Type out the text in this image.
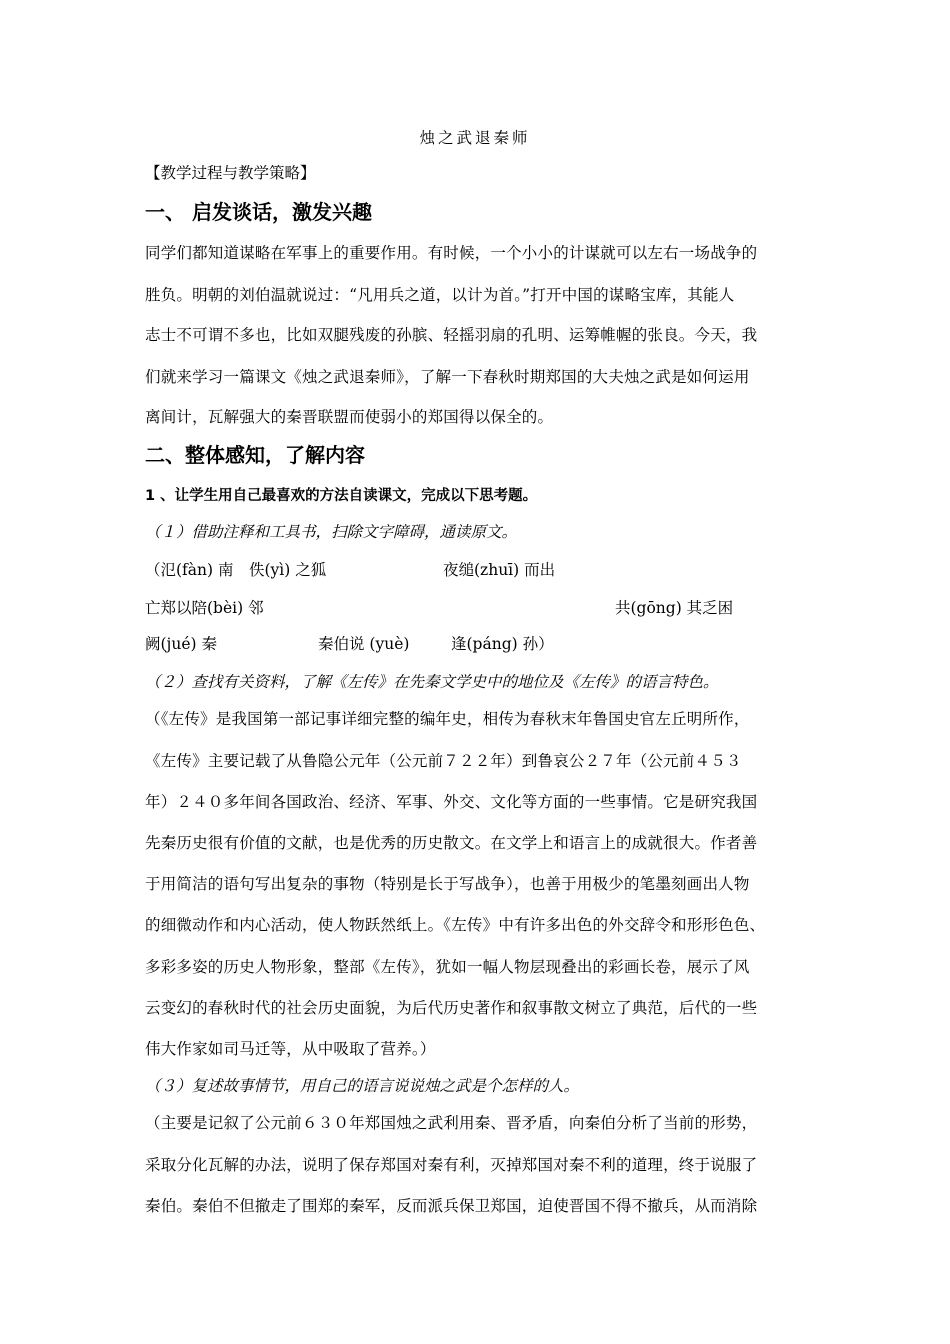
烛之武退秦师
【教学过程与教学策略】
一、 启发谈话，激发兴趣
同学们都知道谋略在军事上的重要作用。有时候，一个小小的计谋就可以左右一场战争的
胜负。明朝的刘伯温就说过：“凡用兵之道，以计为首。”打开中国的谋略宝库，其能人
志士不可谓不多也，比如双腿残废的孙膑、轻摇羽扇的孔明、运筹帷幄的张良。今天，我
们就来学习一篇课文《烛之武退秦师》，了解一下春秋时期郑国的大夫烛之武是如何运用
离间计，瓦解强大的秦晋联盟而使弱小的郑国得以保全的。
二、整体感知，了解内容
1 、让学生用自己最喜欢的方法自读课文，完成以下思考题。
（１）借助注释和工具书，扫除文字障碍，通读原文。
（氾(fàn) 南　佚(yì) 之狐	夜缒(zhuī) 而出
亡郑以陪(bèi) 邻	共(gōng) 其乏困
阙(jué) 秦	秦伯说 (yuè)	逢(páng) 孙）
（２）查找有关资料，了解《左传》在先秦文学史中的地位及《左传》的语言特色。
（《左传》是我国第一部记事详细完整的编年史，相传为春秋末年鲁国史官左丘明所作，
《左传》主要记载了从鲁隐公元年（公元前７２２年）到鲁哀公２７年（公元前４５３
年）２４０多年间各国政治、经济、军事、外交、文化等方面的一些事情。它是研究我国
先秦历史很有价值的文献，也是优秀的历史散文。在文学上和语言上的成就很大。作者善
于用简洁的语句写出复杂的事物（特别是长于写战争），也善于用极少的笔墨刻画出人物
的细微动作和内心活动，使人物跃然纸上。《左传》中有许多出色的外交辞令和形形色色、
多彩多姿的历史人物形象，整部《左传》，犹如一幅人物层现叠出的彩画长卷，展示了风
云变幻的春秋时代的社会历史面貌，为后代历史著作和叙事散文树立了典范，后代的一些
伟大作家如司马迁等，从中吸取了营养。）
（３）复述故事情节，用自己的语言说说烛之武是个怎样的人。
（主要是记叙了公元前６３０年郑国烛之武利用秦、晋矛盾，向秦伯分析了当前的形势，
采取分化瓦解的办法，说明了保存郑国对秦有利，灭掉郑国对秦不利的道理，终于说服了
秦伯。秦伯不但撤走了围郑的秦军，反而派兵保卫郑国，迫使晋国不得不撤兵，从而消除
